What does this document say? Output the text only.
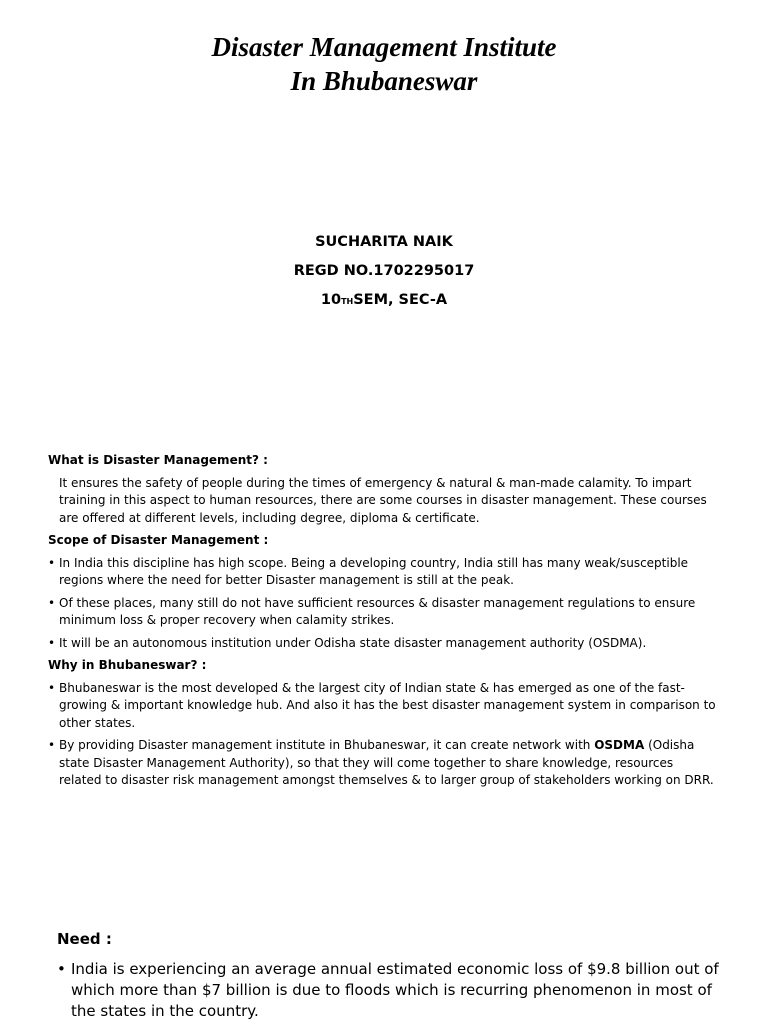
Disaster Management Institute
In Bhubaneswar
SUCHARITA NAIK
REGD NO.1702295017
10THSEM, SEC-A
What is Disaster Management? :
It ensures the safety of people during the times of emergency & natural & man-made calamity. To impart training in this aspect to human resources, there are some courses in disaster management. These courses are offered at different levels, including degree, diploma & certificate.
Scope of Disaster Management :
• In India this discipline has high scope. Being a developing country, India still has many weak/susceptible regions where the need for better Disaster management is still at the peak.
• Of these places, many still do not have sufficient resources & disaster management regulations to ensure minimum loss & proper recovery when calamity strikes.
• It will be an autonomous institution under Odisha state disaster management authority (OSDMA).
Why in Bhubaneswar? :
• Bhubaneswar is the most developed & the largest city of Indian state & has emerged as one of the fast-growing & important knowledge hub. And also it has the best disaster management system in comparison to other states.
• By providing Disaster management institute in Bhubaneswar, it can create network with OSDMA (Odisha state Disaster Management Authority), so that they will come together to share knowledge, resources related to disaster risk management amongst themselves & to larger group of stakeholders working on DRR.
Need :
• India is experiencing an average annual estimated economic loss of $9.8 billion out of which more than $7 billion is due to floods which is recurring phenomenon in most of the states in the country.
